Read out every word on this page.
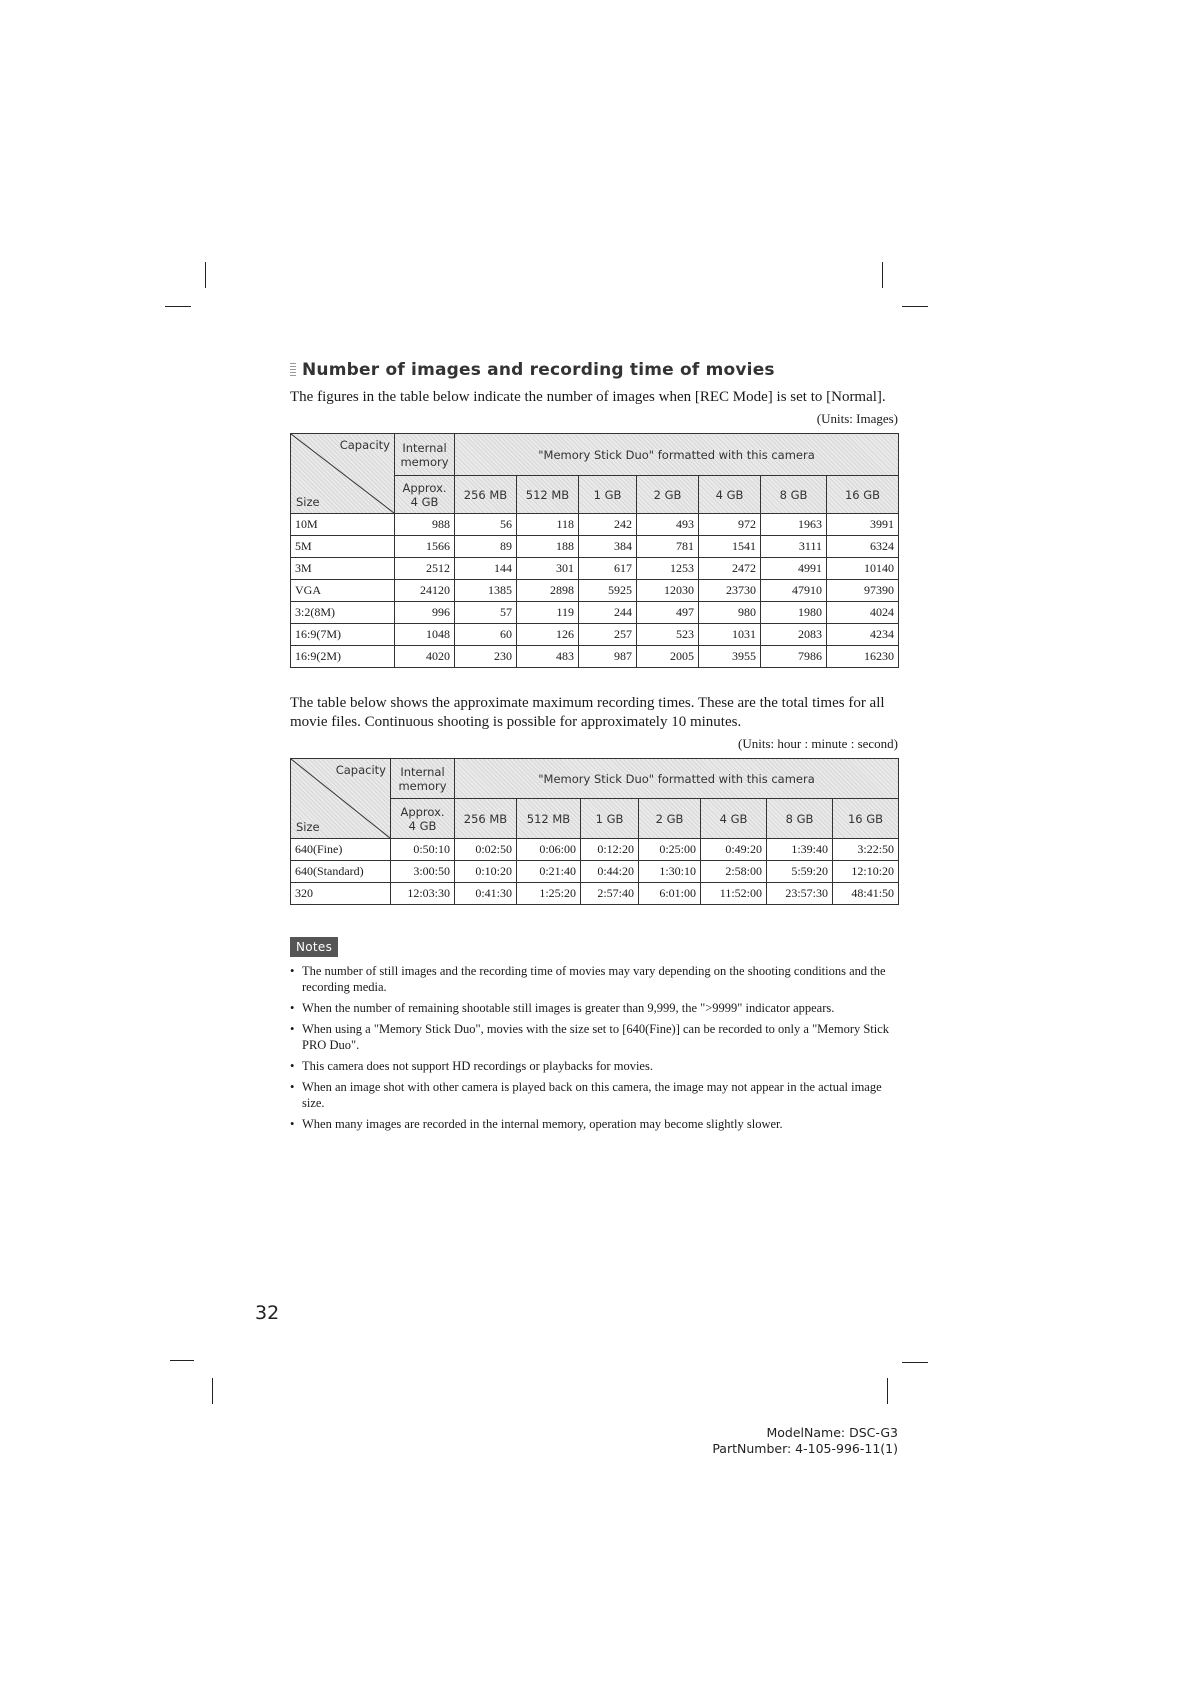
Number of images and recording time of movies

The figures in the table below indicate the number of images when [REC Mode] is set to [Normal].

(Units: Images)
Capacity
Size	Internal memory	"Memory Stick Duo" formatted with this camera						
	Approx. 4 GB	256 MB	512 MB	1 GB	2 GB	4 GB	8 GB	16 GB
10M	988	56	118	242	493	972	1963	3991
5M	1566	89	188	384	781	1541	3111	6324
3M	2512	144	301	617	1253	2472	4991	10140
VGA	24120	1385	2898	5925	12030	23730	47910	97390
3:2(8M)	996	57	119	244	497	980	1980	4024
16:9(7M)	1048	60	126	257	523	1031	2083	4234
16:9(2M)	4020	230	483	987	2005	3955	7986	16230

The table below shows the approximate maximum recording times. These are the total times for all movie files. Continuous shooting is possible for approximately 10 minutes.

(Units: hour : minute : second)
Capacity
Size	Internal memory	"Memory Stick Duo" formatted with this camera						
	Approx. 4 GB	256 MB	512 MB	1 GB	2 GB	4 GB	8 GB	16 GB
640(Fine)	0:50:10	0:02:50	0:06:00	0:12:20	0:25:00	0:49:20	1:39:40	3:22:50
640(Standard)	3:00:50	0:10:20	0:21:40	0:44:20	1:30:10	2:58:00	5:59:20	12:10:20
320	12:03:30	0:41:30	1:25:20	2:57:40	6:01:00	11:52:00	23:57:30	48:41:50
Notes
• The number of still images and the recording time of movies may vary depending on the shooting conditions and the recording media.
• When the number of remaining shootable still images is greater than 9,999, the ">9999" indicator appears.
• When using a "Memory Stick Duo", movies with the size set to [640(Fine)] can be recorded to only a "Memory Stick PRO Duo".
• This camera does not support HD recordings or playbacks for movies.
• When an image shot with other camera is played back on this camera, the image may not appear in the actual image size.
• When many images are recorded in the internal memory, operation may become slightly slower.
32
ModelName: DSC-G3
PartNumber: 4-105-996-11(1)
